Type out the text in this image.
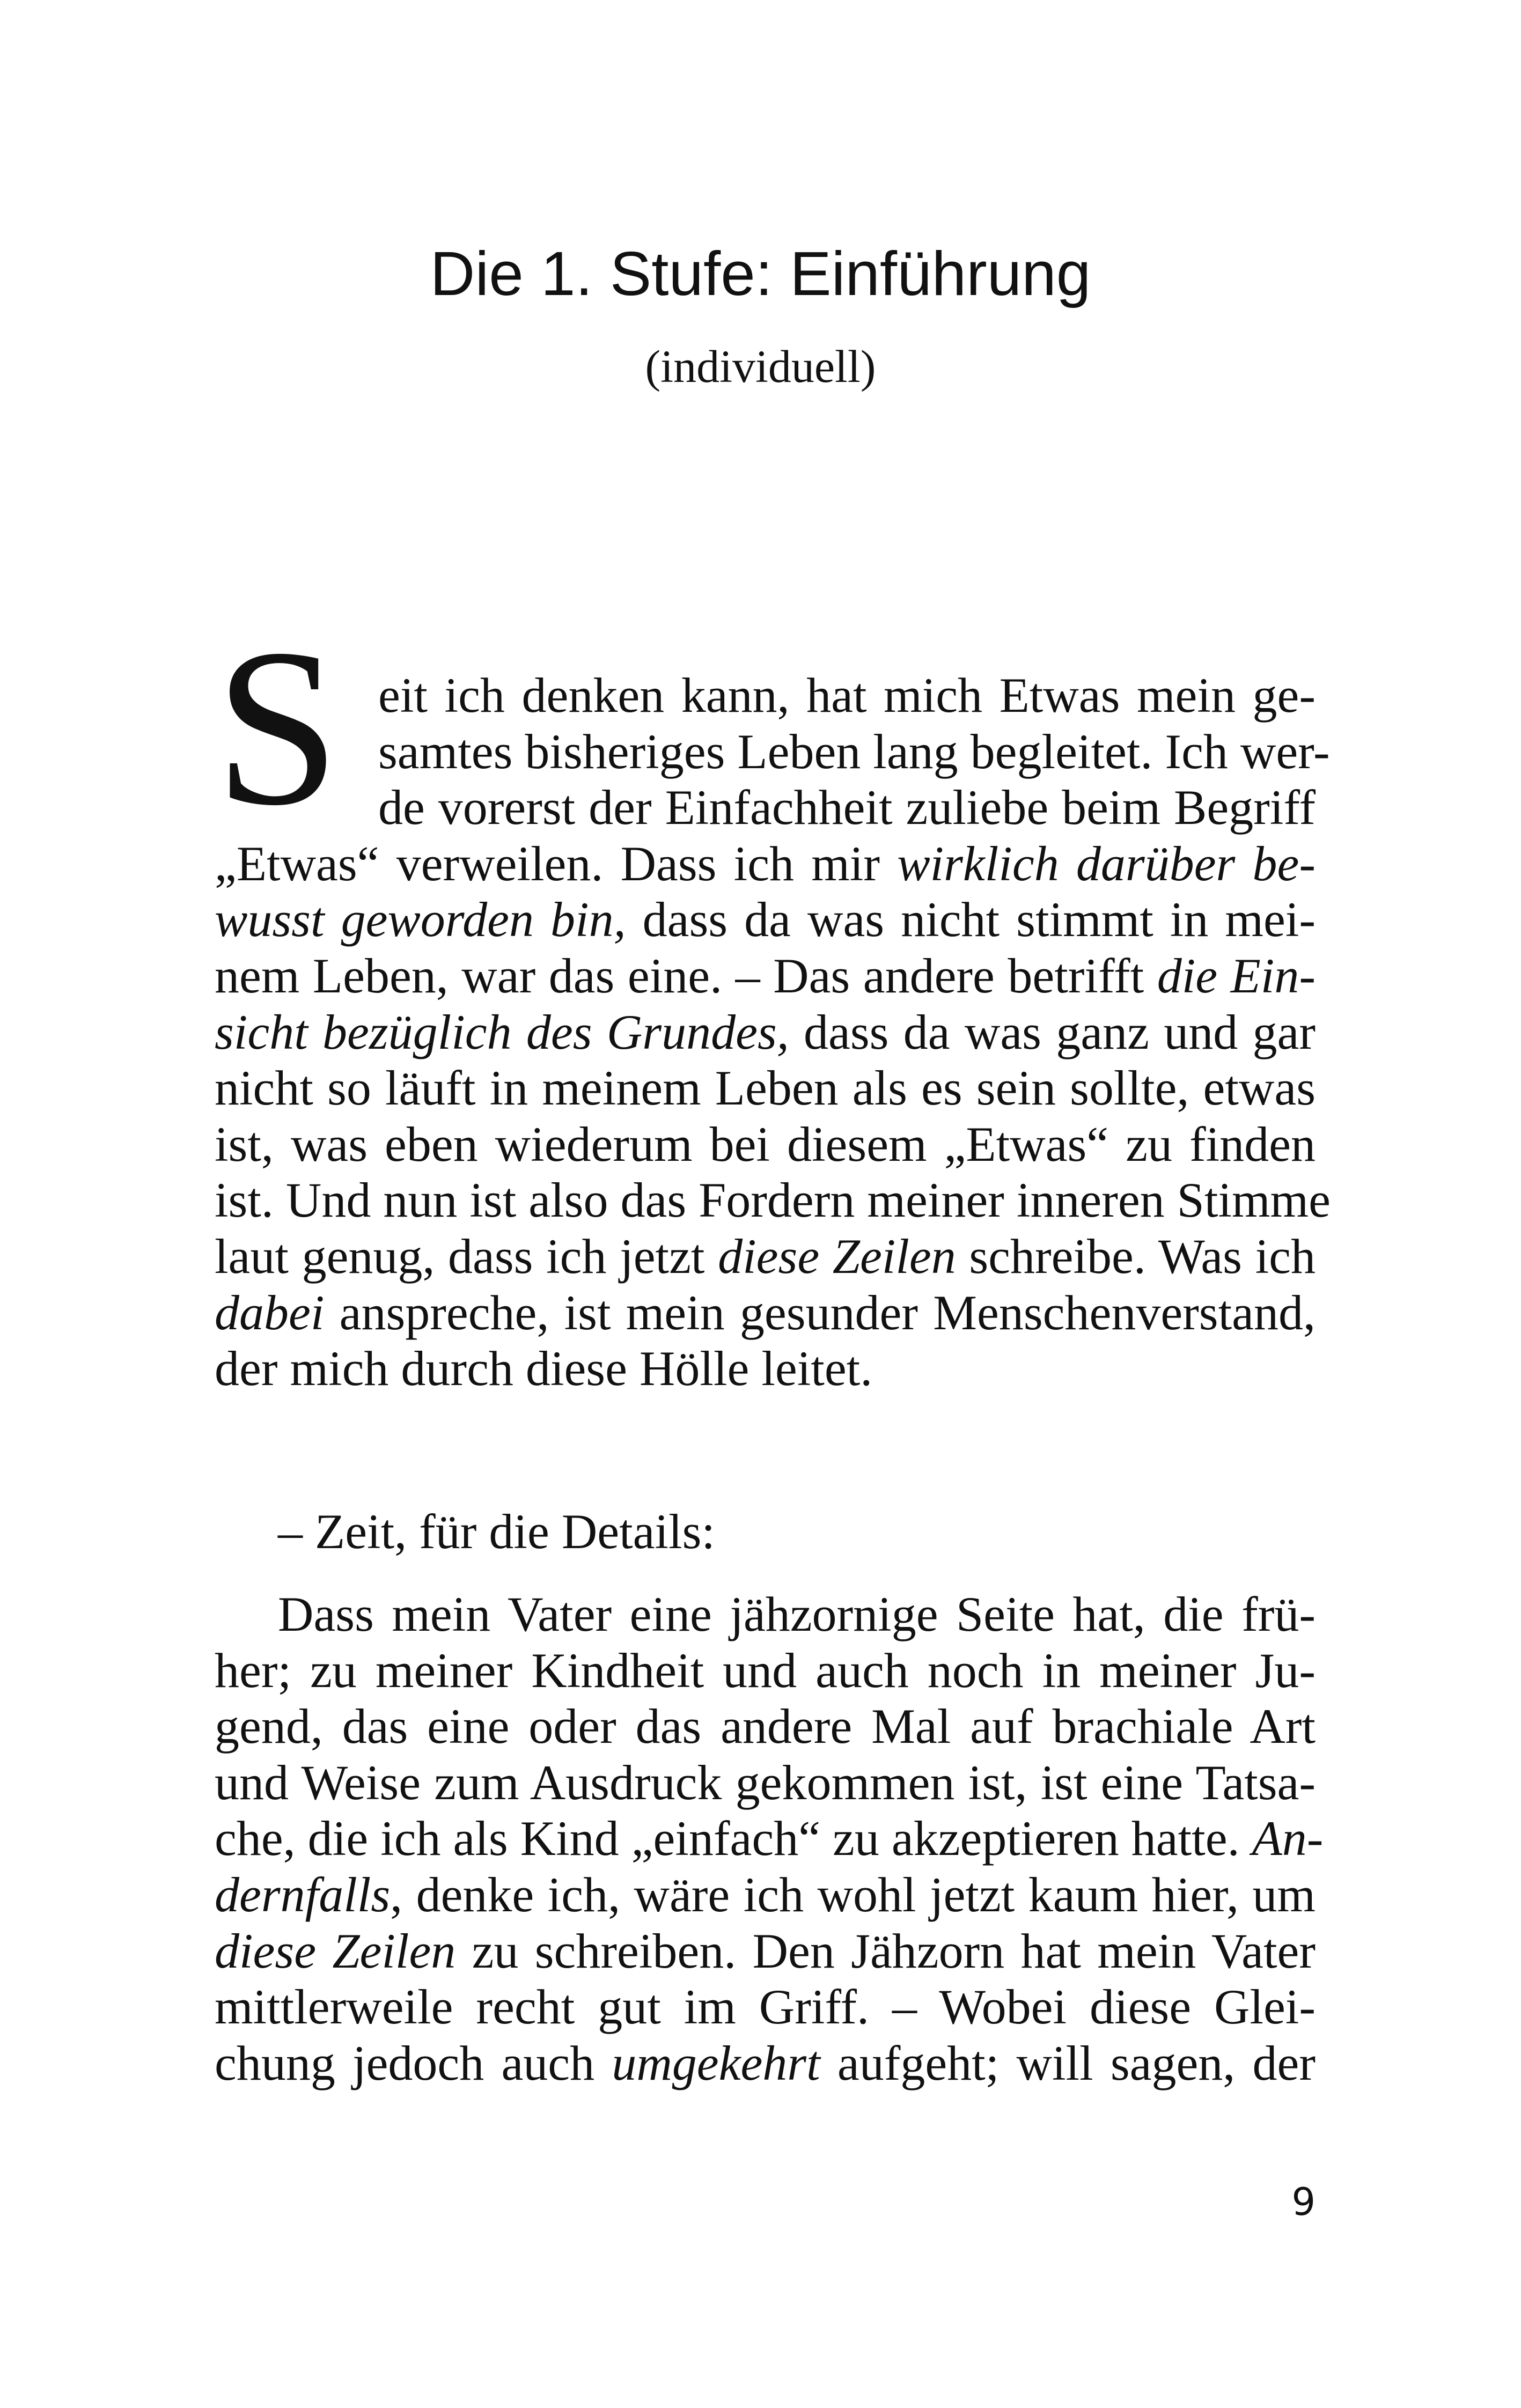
Die 1. Stufe: Einführung
(individuell)
S eit ich denken kann, hat mich Etwas mein ge-
samtes bisheriges Leben lang begleitet. Ich wer-
de vorerst der Einfachheit zuliebe beim Begriff
„Etwas“ verweilen. Dass ich mir wirklich darüber be-
wusst geworden bin, dass da was nicht stimmt in mei-
nem Leben, war das eine. – Das andere betrifft die Ein-
sicht bezüglich des Grundes, dass da was ganz und gar
nicht so läuft in meinem Leben als es sein sollte, etwas
ist, was eben wiederum bei diesem „Etwas“ zu finden
ist. Und nun ist also das Fordern meiner inneren Stimme
laut genug, dass ich jetzt diese Zeilen schreibe. Was ich
dabei anspreche, ist mein gesunder Menschenverstand,
der mich durch diese Hölle leitet.
– Zeit, für die Details:
Dass mein Vater eine jähzornige Seite hat, die frü-
her; zu meiner Kindheit und auch noch in meiner Ju-
gend, das eine oder das andere Mal auf brachiale Art
und Weise zum Ausdruck gekommen ist, ist eine Tatsa-
che, die ich als Kind „einfach“ zu akzeptieren hatte. An-
dernfalls, denke ich, wäre ich wohl jetzt kaum hier, um
diese Zeilen zu schreiben. Den Jähzorn hat mein Vater
mittlerweile recht gut im Griff. – Wobei diese Glei-
chung jedoch auch umgekehrt aufgeht; will sagen, der
9
